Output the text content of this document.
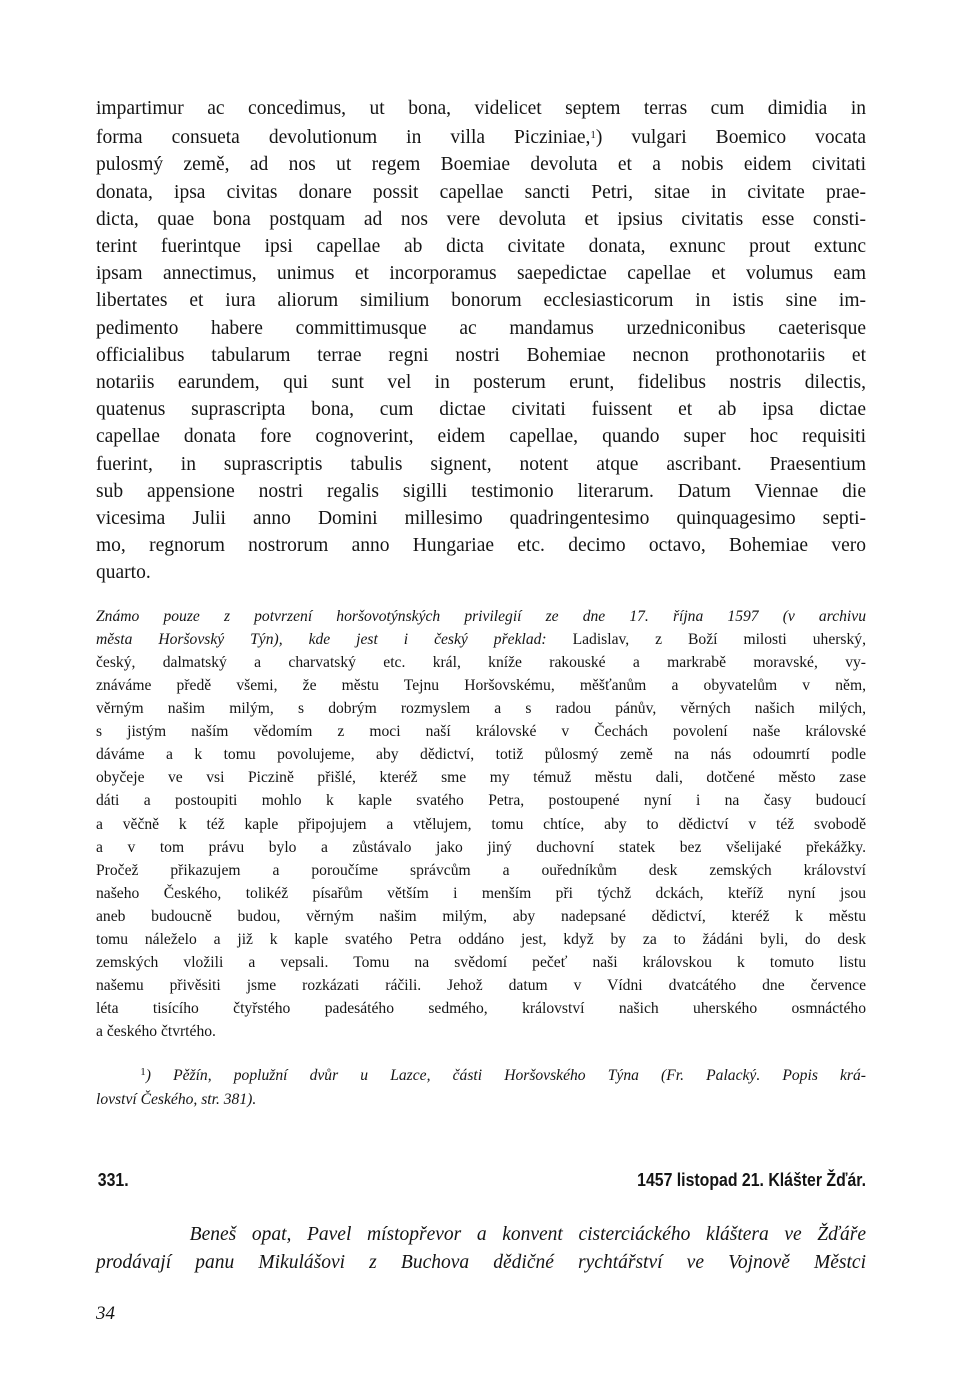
impartimur ac concedimus, ut bona, videlicet septem terras cum dimidia in
forma consueta devolutionum in villa Picziniae,$^1$) vulgari Boemico vocata
pulosmý země, ad nos ut regem Boemiae devoluta et a nobis eidem civitati
donata, ipsa civitas donare possit capellae sancti Petri, sitae in civitate prae-
dicta, quae bona postquam ad nos vere devoluta et ipsius civitatis esse consti-
terint fuerintque ipsi capellae ab dicta civitate donata, exnunc prout extunc
ipsam annectimus, unimus et incorporamus saepedictae capellae et volumus eam
libertates et iura aliorum similium bonorum ecclesiasticorum in istis sine im-
pedimento habere committimusque ac mandamus urzedniconibus caeterisque
officialibus tabularum terrae regni nostri Bohemiae necnon prothonotariis et
notariis earundem, qui sunt vel in posterum erunt, fidelibus nostris dilectis,
quatenus suprascripta bona, cum dictae civitati fuissent et ab ipsa dictae
capellae donata fore cognoverint, eidem capellae, quando super hoc requisiti
fuerint, in suprascriptis tabulis signent, notent atque ascribant. Praesentium
sub appensione nostri regalis sigilli testimonio literarum. Datum Viennae die
vicesima Julii anno Domini millesimo quadringentesimo quinquagesimo septi-
mo, regnorum nostrorum anno Hungariae etc. decimo octavo, Bohemiae vero
quarto.
Známo pouze z potvrzení horšovotýnských privilegií ze dne 17. října 1597 (v archivu
města Horšovský Týn), kde jest i český překlad: Ladislav, z Boží milosti uherský,
český, dalmatský a charvatský etc. král, kníže rakouské a markrabě moravské, vy-
znáváme předě všemi, že městu Tejnu Horšovskému, měšťanům a obyvatelům v něm,
věrným našim milým, s dobrým rozmyslem a s radou pánův, věrných našich milých,
s jistým naším vědomím z moci naší královské v Čechách povolení naše královské
dáváme a k tomu povolujeme, aby dědictví, totiž půlosmý země na nás odoumrtí podle
obyčeje ve vsi Piczině přišlé, kteréž sme my témuž městu dali, dotčené město zase
dáti a postoupiti mohlo k kaple svatého Petra, postoupené nyní i na časy budoucí
a věčně k též kaple připojujem a vtělujem, tomu chtíce, aby to dědictví v též svobodě
a v tom právu bylo a zůstávalo jako jiný duchovní statek bez všelijaké překážky.
Pročež přikazujem a poroučíme správcům a ouředníkům desk zemských království
našeho Českého, tolikéž písařům větším i menším při týchž dckách, kteříž nyní jsou
aneb budoucně budou, věrným našim milým, aby nadepsané dědictví, kteréž k městu
tomu náleželo a již k kaple svatého Petra oddáno jest, když by za to žádáni byli, do desk
zemských vložili a vepsali. Tomu na svědomí pečeť naši královskou k tomuto listu
našemu přivěsiti jsme rozkázati ráčili. Jehož datum v Vídni dvatcátého dne července
léta tisícího čtyřstého padesátého sedmého, království našich uherského osmnáctého
a českého čtvrtého.
$^1$) Pěžín, poplužní dvůr u Lazce, části Horšovského Týna (Fr. Palacký. Popis krá-
lovství Českého, str. 381).
331.	1457 listopad 21. Klášter Žďár.
Beneš opat, Pavel místopřevor a konvent cisterciáckého kláštera ve Žďáře
prodávají panu Mikulášovi z Buchova dědičné rychtářství ve Vojnově Městci
34
